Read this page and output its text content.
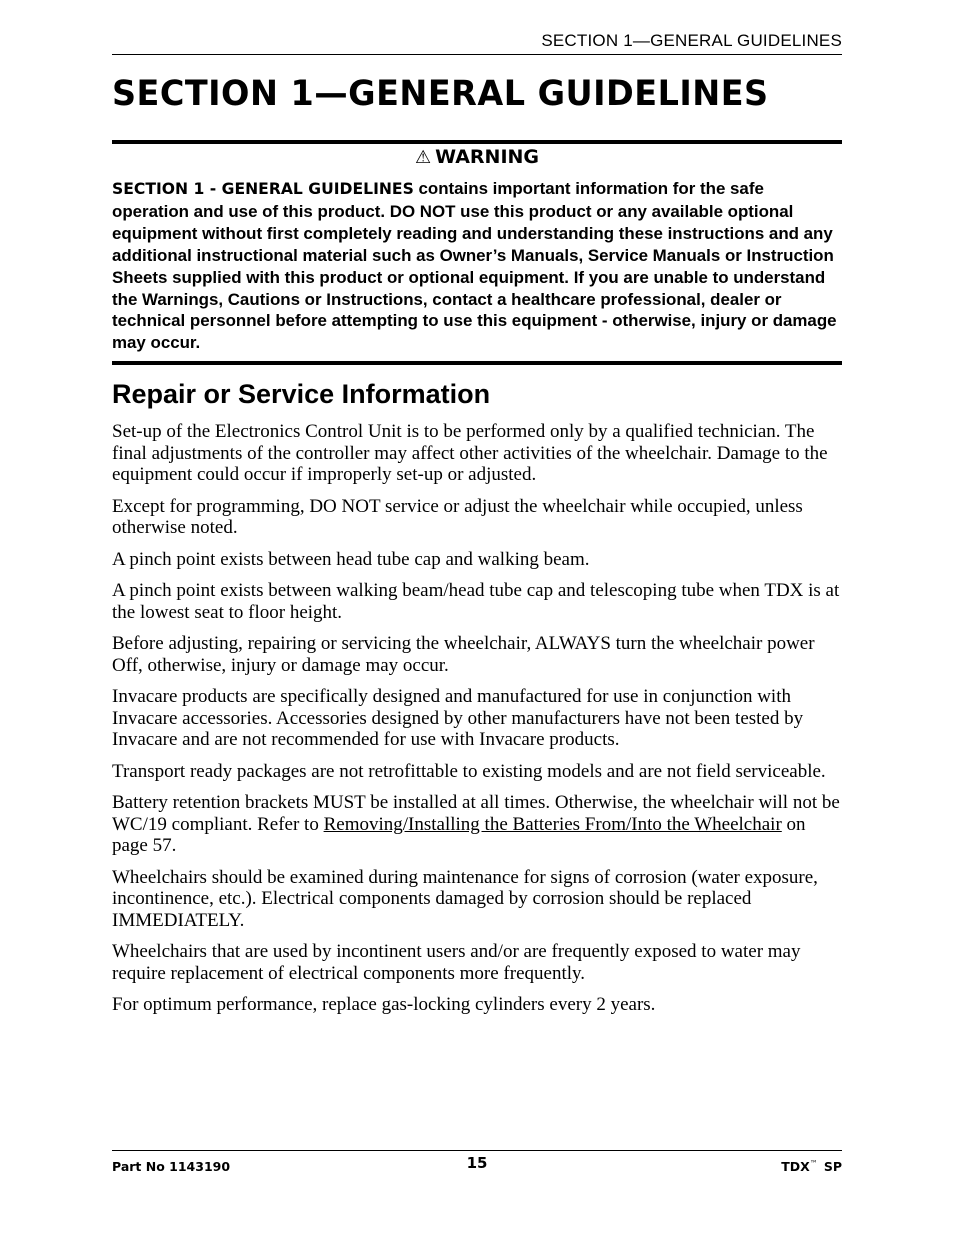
SECTION 1—GENERAL GUIDELINES
SECTION 1—GENERAL GUIDELINES
⚠ WARNING

SECTION 1 - GENERAL GUIDELINES contains important information for the safe operation and use of this product. DO NOT use this product or any available optional equipment without first completely reading and understanding these instructions and any additional instructional material such as Owner’s Manuals, Service Manuals or Instruction Sheets supplied with this product or optional equipment. If you are unable to understand the Warnings, Cautions or Instructions, contact a healthcare professional, dealer or technical personnel before attempting to use this equipment - otherwise, injury or damage may occur.

Repair or Service Information

Set-up of the Electronics Control Unit is to be performed only by a qualified technician. The final adjustments of the controller may affect other activities of the wheelchair. Damage to the equipment could occur if improperly set-up or adjusted.

Except for programming, DO NOT service or adjust the wheelchair while occupied, unless otherwise noted.

A pinch point exists between head tube cap and walking beam.

A pinch point exists between walking beam/head tube cap and telescoping tube when TDX is at the lowest seat to floor height.

Before adjusting, repairing or servicing the wheelchair, ALWAYS turn the wheelchair power Off, otherwise, injury or damage may occur.

Invacare products are specifically designed and manufactured for use in conjunction with Invacare accessories. Accessories designed by other manufacturers have not been tested by Invacare and are not recommended for use with Invacare products.

Transport ready packages are not retrofittable to existing models and are not field serviceable.

Battery retention brackets MUST be installed at all times. Otherwise, the wheelchair will not be WC/19 compliant. Refer to Removing/Installing the Batteries From/Into the Wheelchair on page 57.

Wheelchairs should be examined during maintenance for signs of corrosion (water exposure, incontinence, etc.). Electrical components damaged by corrosion should be replaced IMMEDIATELY.

Wheelchairs that are used by incontinent users and/or are frequently exposed to water may require replacement of electrical components more frequently.

For optimum performance, replace gas-locking cylinders every 2 years.

Part No 1143190	15	TDX™ SP
